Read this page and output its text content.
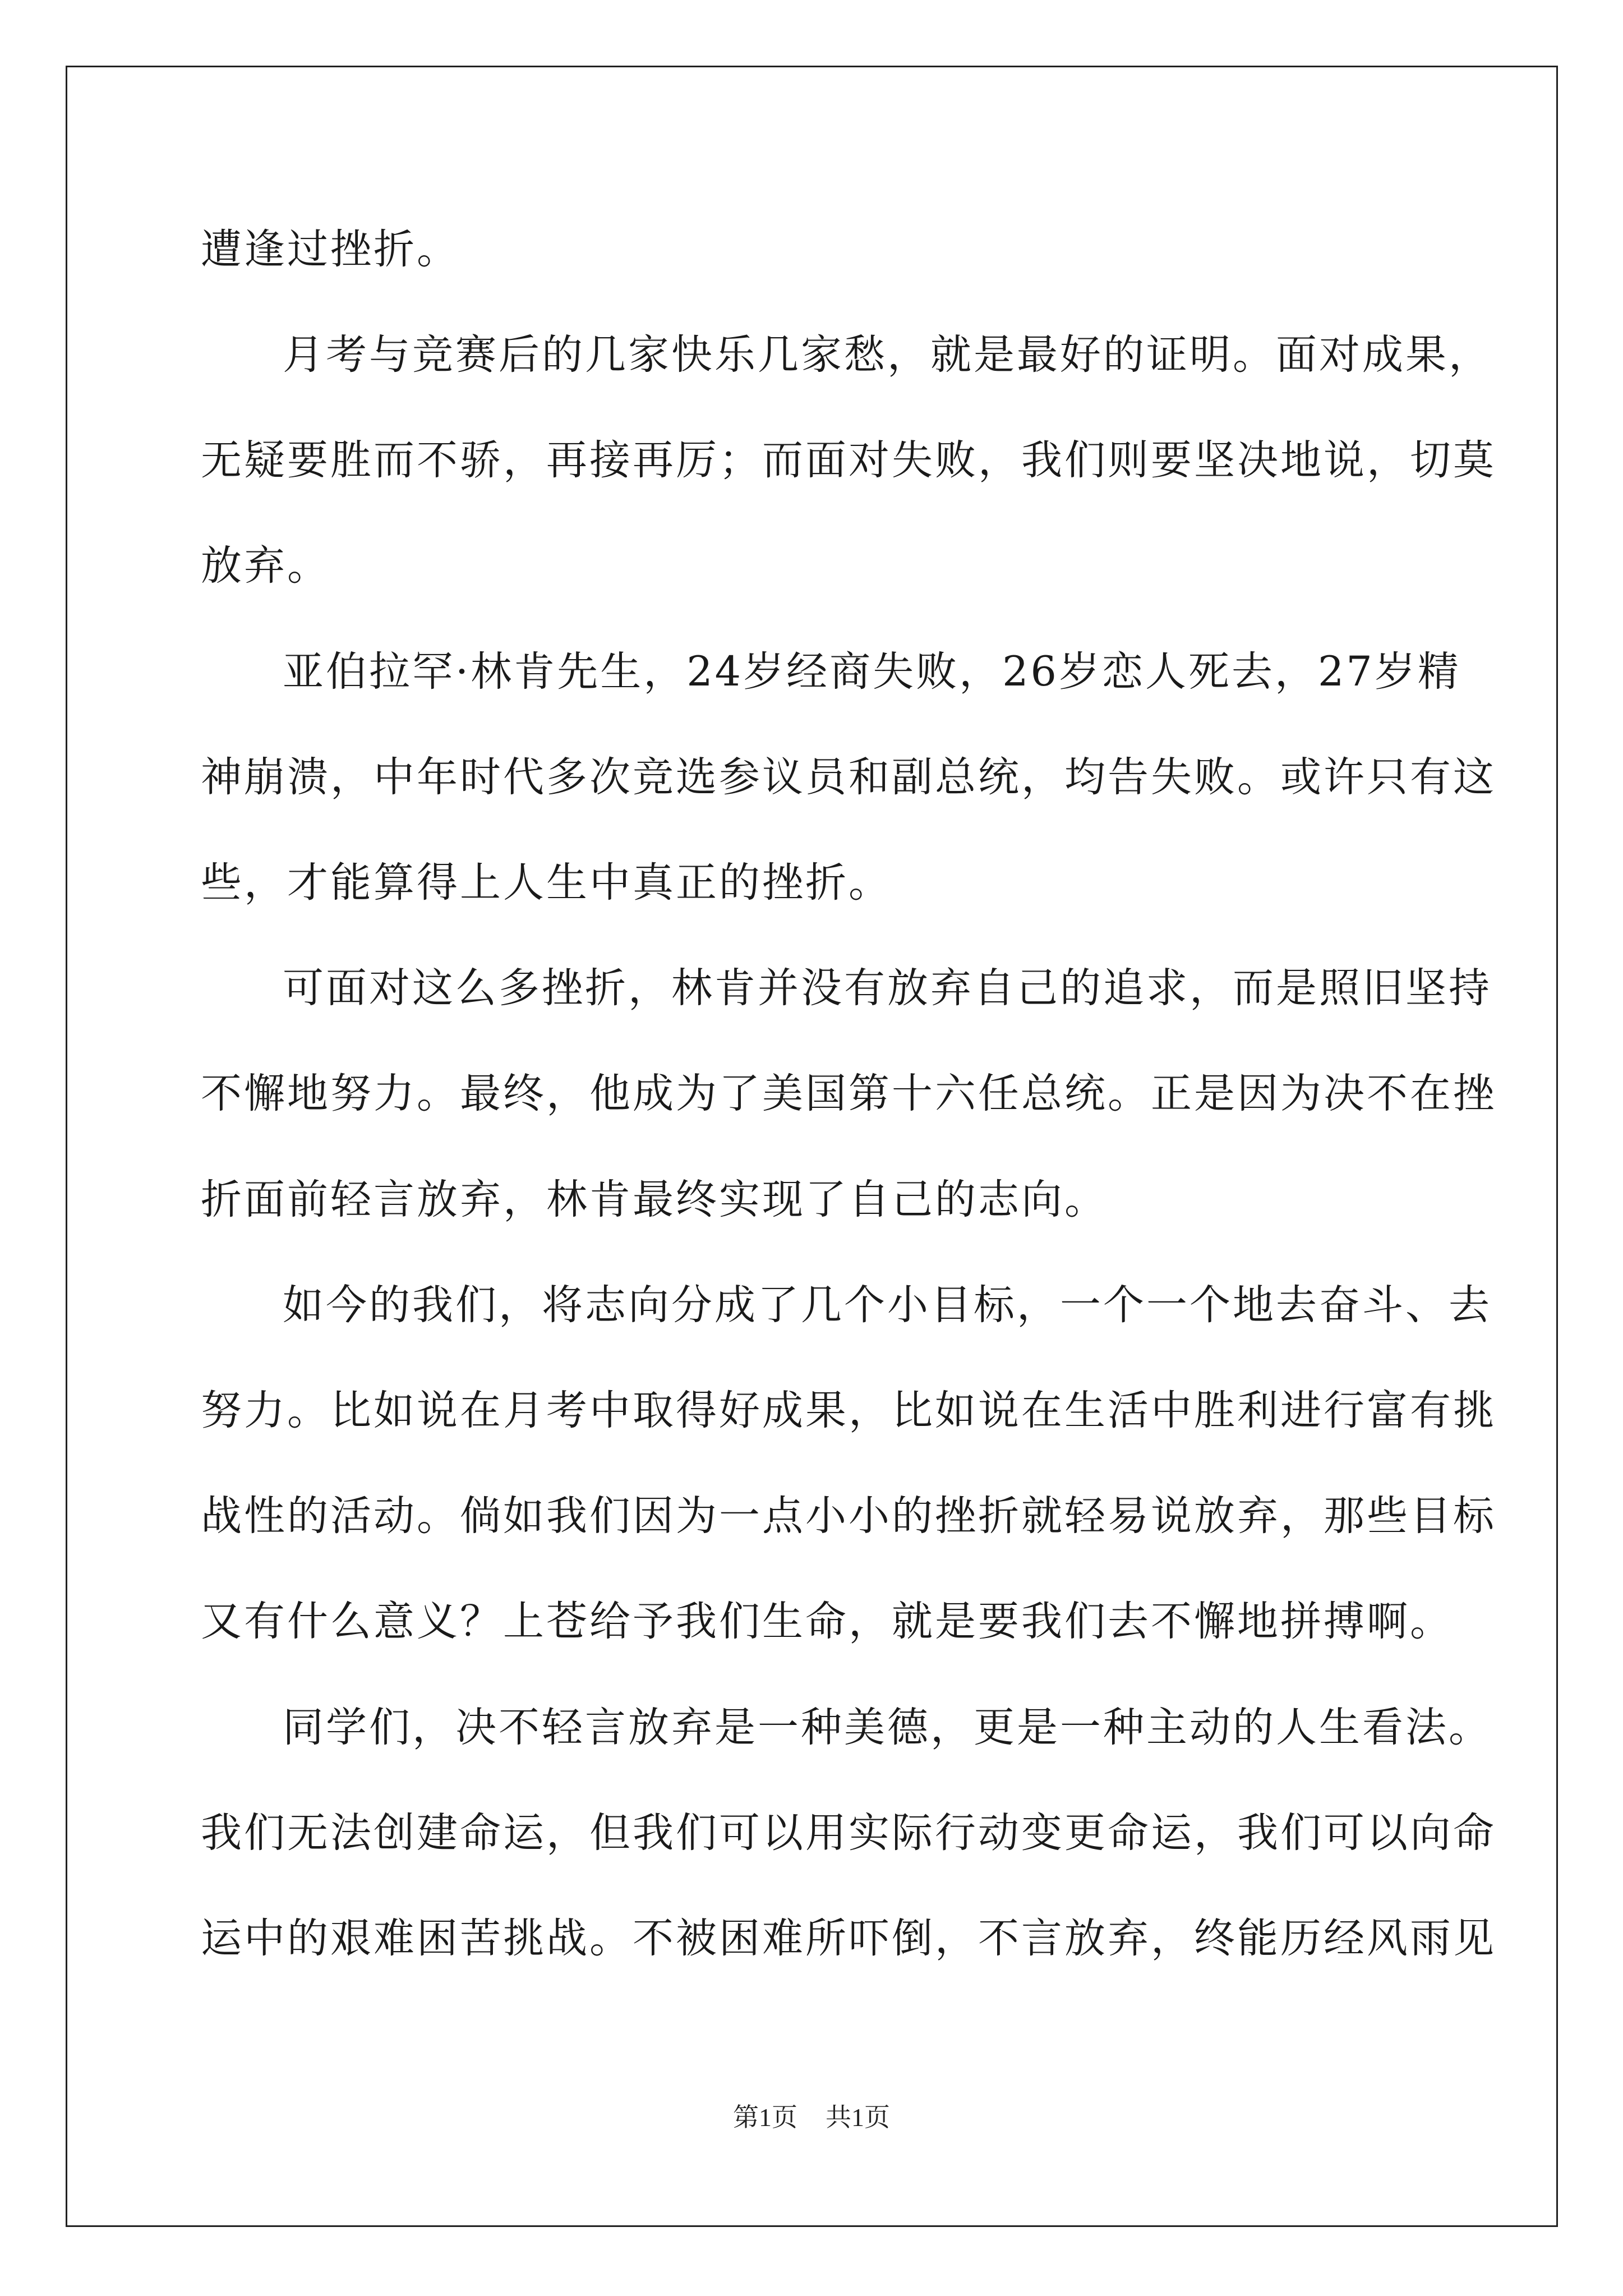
遭逢过挫折。
月考与竞赛后的几家快乐几家愁，就是最好的证明。面对成果，
无疑要胜而不骄，再接再厉；而面对失败，我们则要坚决地说，切莫
放弃。
亚伯拉罕·林肯先生，24岁经商失败，26岁恋人死去，27岁精
神崩溃，中年时代多次竞选参议员和副总统，均告失败。或许只有这
些，才能算得上人生中真正的挫折。
可面对这么多挫折，林肯并没有放弃自己的追求，而是照旧坚持
不懈地努力。最终，他成为了美国第十六任总统。正是因为决不在挫
折面前轻言放弃，林肯最终实现了自己的志向。
如今的我们，将志向分成了几个小目标，一个一个地去奋斗、去
努力。比如说在月考中取得好成果，比如说在生活中胜利进行富有挑
战性的活动。倘如我们因为一点小小的挫折就轻易说放弃，那些目标
又有什么意义？上苍给予我们生命，就是要我们去不懈地拼搏啊。
同学们，决不轻言放弃是一种美德，更是一种主动的人生看法。
我们无法创建命运，但我们可以用实际行动变更命运，我们可以向命
运中的艰难困苦挑战。不被困难所吓倒，不言放弃，终能历经风雨见
第1页 共1页
